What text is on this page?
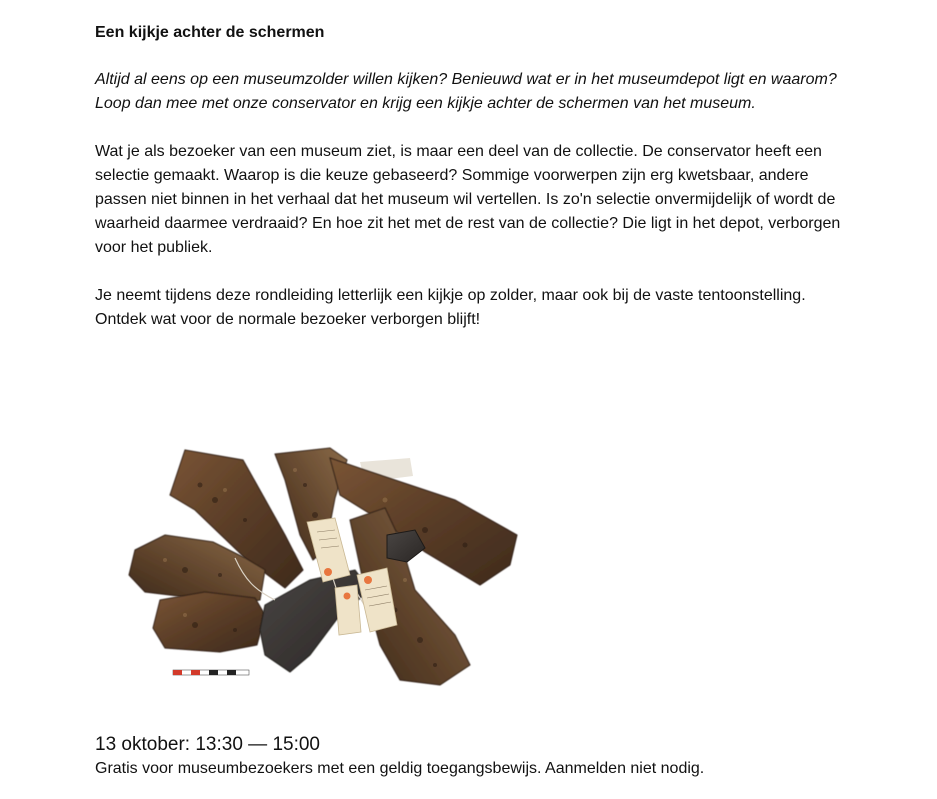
Een kijkje achter de schermen

Altijd al eens op een museumzolder willen kijken? Benieuwd wat er in het museumdepot ligt en waarom? Loop dan mee met onze conservator en krijg een kijkje achter de schermen van het museum.

Wat je als bezoeker van een museum ziet, is maar een deel van de collectie. De conservator heeft een selectie gemaakt. Waarop is die keuze gebaseerd? Sommige voorwerpen zijn erg kwetsbaar, andere passen niet binnen in het verhaal dat het museum wil vertellen. Is zo'n selectie onvermijdelijk of wordt de waarheid daarmee verdraaid? En hoe zit het met de rest van de collectie? Die ligt in het depot, verborgen voor het publiek.

Je neemt tijdens deze rondleiding letterlijk een kijkje op zolder, maar ook bij de vaste tentoonstelling. Ontdek wat voor de normale bezoeker verborgen blijft!

13 oktober: 13:30 — 15:00

Gratis voor museumbezoekers met een geldig toegangsbewijs. Aanmelden niet nodig.
